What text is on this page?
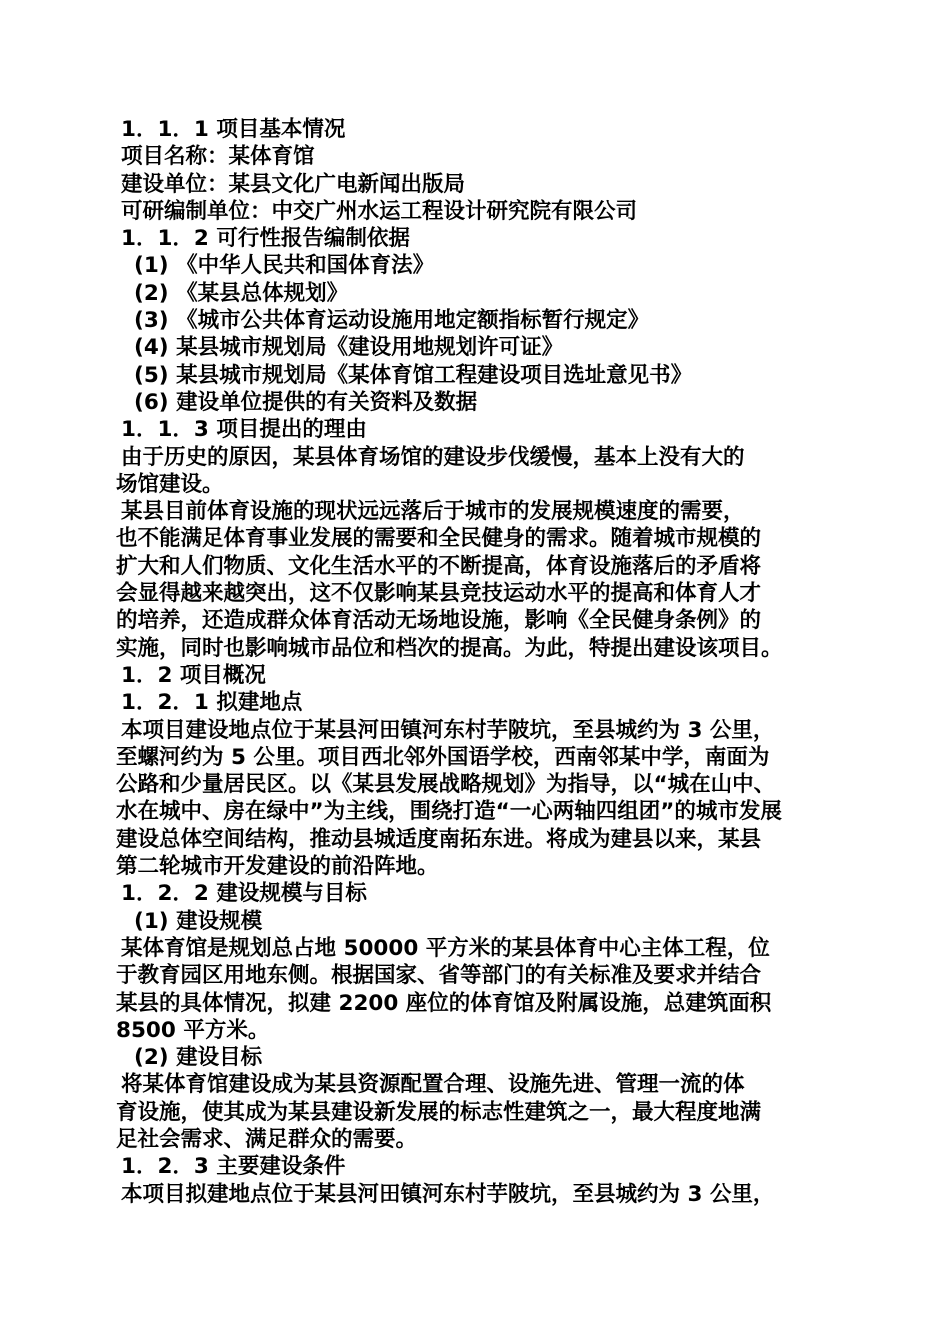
1．1．1 项目基本情况
项目名称：某体育馆
建设单位：某县文化广电新闻出版局
可研编制单位：中交广州水运工程设计研究院有限公司
1．1．2 可行性报告编制依据
(1) 《中华人民共和国体育法》
(2) 《某县总体规划》
(3) 《城市公共体育运动设施用地定额指标暂行规定》
(4) 某县城市规划局《建设用地规划许可证》
(5) 某县城市规划局《某体育馆工程建设项目选址意见书》
(6) 建设单位提供的有关资料及数据
1．1．3 项目提出的理由
由于历史的原因，某县体育场馆的建设步伐缓慢，基本上没有大的
场馆建设。
某县目前体育设施的现状远远落后于城市的发展规模速度的需要，
也不能满足体育事业发展的需要和全民健身的需求。随着城市规模的
扩大和人们物质、文化生活水平的不断提高，体育设施落后的矛盾将
会显得越来越突出，这不仅影响某县竞技运动水平的提高和体育人才
的培养，还造成群众体育活动无场地设施，影响《全民健身条例》的
实施，同时也影响城市品位和档次的提高。为此，特提出建设该项目。
1．2 项目概况
1．2．1 拟建地点
本项目建设地点位于某县河田镇河东村芋陂坑，至县城约为 3 公里，
至螺河约为 5 公里。项目西北邻外国语学校，西南邻某中学，南面为
公路和少量居民区。以《某县发展战略规划》为指导，以“城在山中、
水在城中、房在绿中”为主线，围绕打造“一心两轴四组团”的城市发展
建设总体空间结构，推动县城适度南拓东进。将成为建县以来，某县
第二轮城市开发建设的前沿阵地。
1．2．2 建设规模与目标
(1) 建设规模
某体育馆是规划总占地 50000 平方米的某县体育中心主体工程，位
于教育园区用地东侧。根据国家、省等部门的有关标准及要求并结合
某县的具体情况，拟建 2200 座位的体育馆及附属设施，总建筑面积
8500 平方米。
(2) 建设目标
将某体育馆建设成为某县资源配置合理、设施先进、管理一流的体
育设施，使其成为某县建设新发展的标志性建筑之一，最大程度地满
足社会需求、满足群众的需要。
1．2．3 主要建设条件
本项目拟建地点位于某县河田镇河东村芋陂坑，至县城约为 3 公里，
